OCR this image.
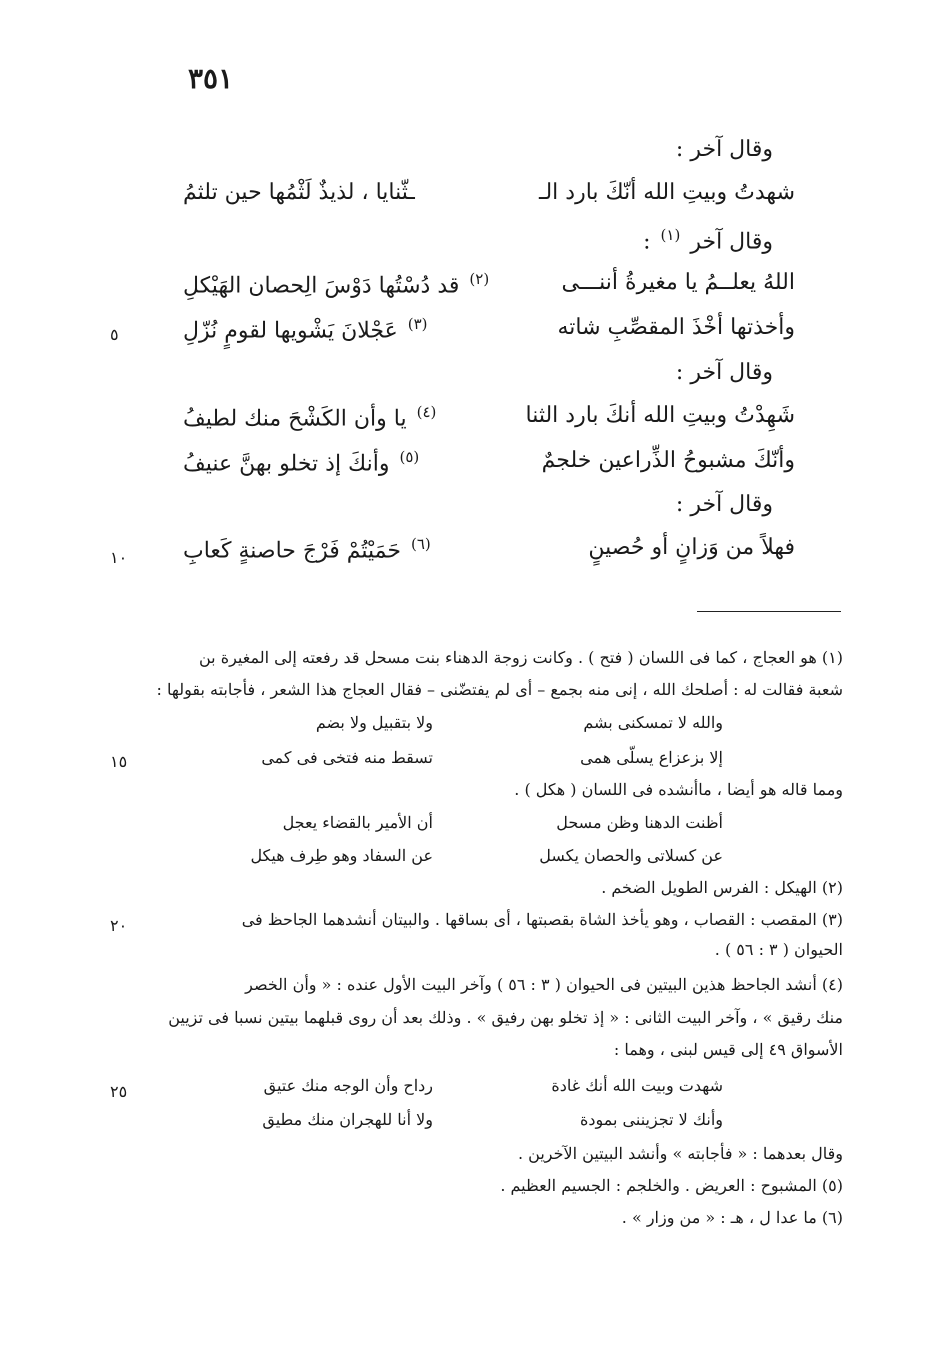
٣٥١
وقال آخر :
شهدتُ وبيتِ الله أنّكَ بارد الـ
ـثّنايا ، لذيذٌ لَثْمُها حين تلثمُ
وقال آخر $^{(١)}$ :
اللهُ يعلــمُ يا مغيرةُ أننـــى
$^{(٢)}$ قد دُسْتُها دَوْسَ الِحصان الهَيْكلِ
وأخذتها أخْذَ المقصِّبِ شاته
$^{(٣)}$ عَجْلانَ يَشْويها لقومٍ نُزّلِ
٥
وقال آخر :
شَهِدْتُ وبيتِ الله أنكَ بارد الثنا
$^{(٤)}$ يا وأن الكَشْحَ منك لطيفُ
وأنّكَ مشبوحُ الذِّراعين خلجمٌ
$^{(٥)}$ وأنكَ إذ تخلو بهنَّ عنيفُ
وقال آخر :
فهلاً من وَزانٍ أو حُصينٍ
$^{(٦)}$ حَمَيْتُمْ فَرْجَ حاصنةٍ كَعابِ
١٠
(١) هو العجاج ، كما فى اللسان ( فتح ) . وكانت زوجة الدهناء بنت مسحل قد رفعته إلى المغيرة بن
شعبة فقالت له : أصلحك الله ، إنى منه بجمع – أى لم يفتضّنى – فقال العجاج هذا الشعر ، فأجابته بقولها :
والله لا تمسكنى بشم
ولا بتقبيل ولا بضم
إلا بزعزاع يسلّى همى
تسقط منه فتخى فى كمى
١٥
ومما قاله هو أيضا ، ماأنشده فى اللسان ( هكل ) .
أظنت الدهنا وظن مسحل
أن الأمير بالقضاء يعجل
عن كسلاتى والحصان يكسل
عن السفاد وهو طِرف هيكل
(٢) الهيكل : الفرس الطويل الضخم .
(٣) المقصب : القصاب ، وهو يأخذ الشاة بقصبتها ، أى بساقها . والبيتان أنشدهما الجاحظ فى
٢٠
الحيوان ( ٣ : ٥٦ ) .
(٤) أنشد الجاحظ هذين البيتين فى الحيوان ( ٣ : ٥٦ ) وآخر البيت الأول عنده : « وأن الخصر
منك رقيق » ، وآخر البيت الثانى : « إذ تخلو بهن رفيق » . وذلك بعد أن روى قبلهما بيتين نسبا فى تزيين
الأسواق ٤٩ إلى قيس لبنى ، وهما :
شهدت وبيت الله أنك غادة
رداح وأن الوجه منك عتيق
٢٥
وأنك لا تجزيننى بمودة
ولا أنا للهجران منك مطيق
وقال بعدهما : « فأجابته » وأنشد البيتين الآخرين .
(٥) المشبوح : العريض . والخلجم : الجسيم العظيم .
(٦) ما عدا ل ، هـ : « من وزار » .
